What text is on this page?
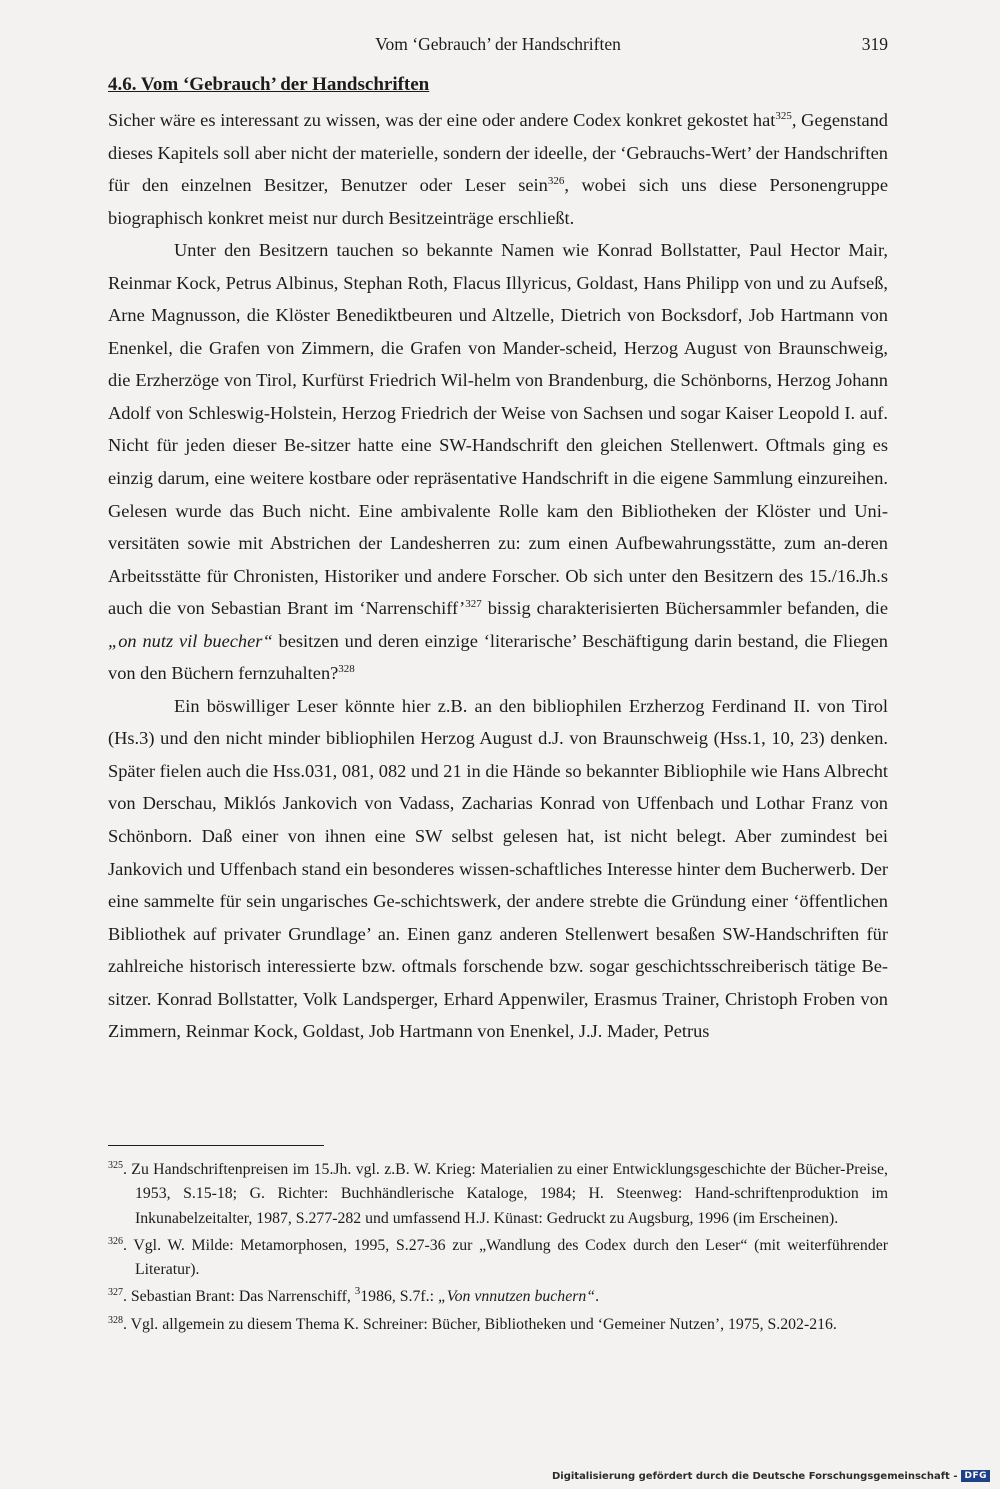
Vom ‘Gebrauch’ der Handschriften	319
4.6. Vom ‘Gebrauch’ der Handschriften

Sicher wäre es interessant zu wissen, was der eine oder andere Codex konkret gekostet hat$^{325}$, Gegenstand dieses Kapitels soll aber nicht der materielle, sondern der ideelle, der ‘Gebrauchs-Wert’ der Handschriften für den einzelnen Besitzer, Benutzer oder Leser sein$^{326}$, wobei sich uns diese Personengruppe biographisch konkret meist nur durch Besitzeinträge erschließt.

Unter den Besitzern tauchen so bekannte Namen wie Konrad Bollstatter, Paul Hector Mair, Reinmar Kock, Petrus Albinus, Stephan Roth, Flacus Illyricus, Goldast, Hans Philipp von und zu Aufseß, Arne Magnusson, die Klöster Benediktbeuren und Altzelle, Dietrich von Bocksdorf, Job Hartmann von Enenkel, die Grafen von Zimmern, die Grafen von Mander-scheid, Herzog August von Braunschweig, die Erzherzöge von Tirol, Kurfürst Friedrich Wil-helm von Brandenburg, die Schönborns, Herzog Johann Adolf von Schleswig-Holstein, Herzog Friedrich der Weise von Sachsen und sogar Kaiser Leopold I. auf. Nicht für jeden dieser Be-sitzer hatte eine SW-Handschrift den gleichen Stellenwert. Oftmals ging es einzig darum, eine weitere kostbare oder repräsentative Handschrift in die eigene Sammlung einzureihen. Gelesen wurde das Buch nicht. Eine ambivalente Rolle kam den Bibliotheken der Klöster und Uni-versitäten sowie mit Abstrichen der Landesherren zu: zum einen Aufbewahrungsstätte, zum an-deren Arbeitsstätte für Chronisten, Historiker und andere Forscher. Ob sich unter den Besitzern des 15./16.Jh.s auch die von Sebastian Brant im ‘Narrenschiff’$^{327}$ bissig charakterisierten Büchersammler befanden, die „on nutz vil buecher“ besitzen und deren einzige ‘literarische’ Beschäftigung darin bestand, die Fliegen von den Büchern fernzuhalten?$^{328}$

Ein böswilliger Leser könnte hier z.B. an den bibliophilen Erzherzog Ferdinand II. von Tirol (Hs.3) und den nicht minder bibliophilen Herzog August d.J. von Braunschweig (Hss.1, 10, 23) denken. Später fielen auch die Hss.031, 081, 082 und 21 in die Hände so bekannter Bibliophile wie Hans Albrecht von Derschau, Miklós Jankovich von Vadass, Zacharias Konrad von Uffenbach und Lothar Franz von Schönborn. Daß einer von ihnen eine SW selbst gelesen hat, ist nicht belegt. Aber zumindest bei Jankovich und Uffenbach stand ein besonderes wissen-schaftliches Interesse hinter dem Bucherwerb. Der eine sammelte für sein ungarisches Ge-schichtswerk, der andere strebte die Gründung einer ‘öffentlichen Bibliothek auf privater Grundlage’ an. Einen ganz anderen Stellenwert besaßen SW-Handschriften für zahlreiche historisch interessierte bzw. oftmals forschende bzw. sogar geschichtsschreiberisch tätige Be-sitzer. Konrad Bollstatter, Volk Landsperger, Erhard Appenwiler, Erasmus Trainer, Christoph Froben von Zimmern, Reinmar Kock, Goldast, Job Hartmann von Enenkel, J.J. Mader, Petrus

$^{325}$. Zu Handschriftenpreisen im 15.Jh. vgl. z.B. W. Krieg: Materialien zu einer Entwicklungsgeschichte der Bücher-Preise, 1953, S.15-18; G. Richter: Buchhändlerische Kataloge, 1984; H. Steenweg: Hand-schriftenproduktion im Inkunabelzeitalter, 1987, S.277-282 und umfassend H.J. Künast: Gedruckt zu Augsburg, 1996 (im Erscheinen).
$^{326}$. Vgl. W. Milde: Metamorphosen, 1995, S.27-36 zur „Wandlung des Codex durch den Leser“ (mit weiterführender Literatur).
$^{327}$. Sebastian Brant: Das Narrenschiff, $^3$1986, S.7f.: „Von vnnutzen buchern“.
$^{328}$. Vgl. allgemein zu diesem Thema K. Schreiner: Bücher, Bibliotheken und ‘Gemeiner Nutzen’, 1975, S.202-216.
Digitalisierung gefördert durch die Deutsche Forschungsgemeinschaft - DFG
